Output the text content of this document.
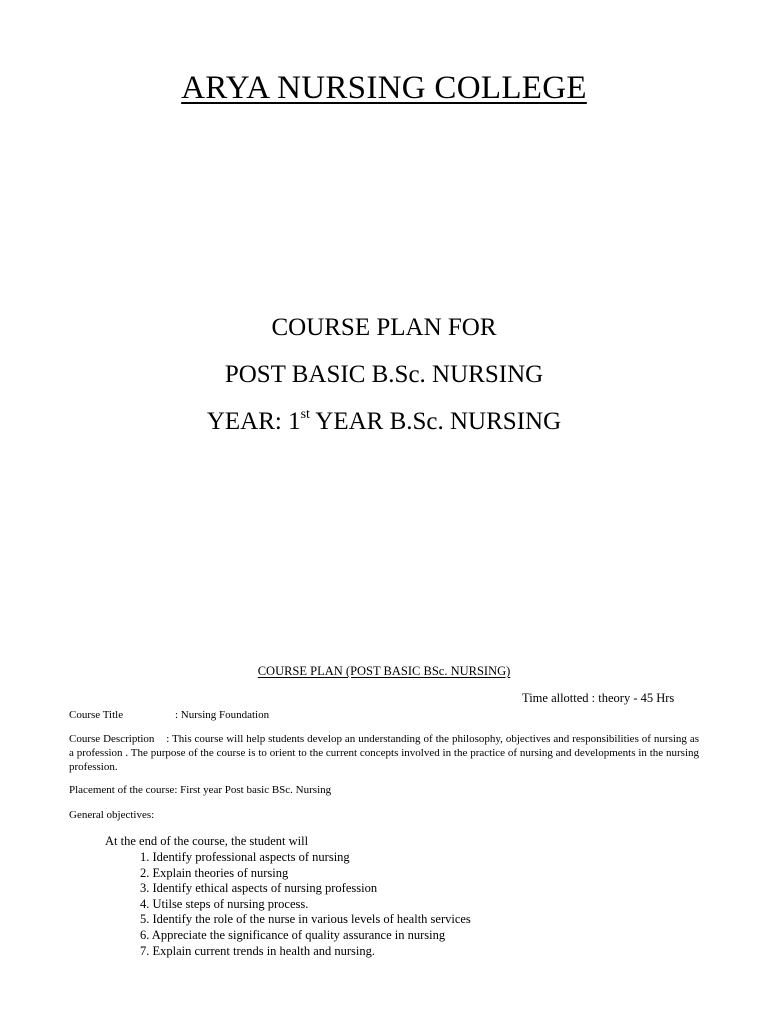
ARYA NURSING COLLEGE
COURSE PLAN FOR
POST BASIC B.Sc. NURSING
YEAR: 1st YEAR B.Sc. NURSING
COURSE PLAN (POST BASIC BSc. NURSING)
Time allotted : theory - 45 Hrs
Course Title	: Nursing Foundation
Course Description : This course will help students develop an understanding of the philosophy, objectives and responsibilities of nursing as a profession . The purpose of the course is to orient to the current concepts involved in the practice of nursing and developments in the nursing profession.
Placement of the course: First year Post basic BSc. Nursing
General objectives:
At the end of the course, the student will
1. Identify professional aspects of nursing
2. Explain theories of nursing
3. Identify ethical aspects of nursing profession
4. Utilse steps of nursing process.
5. Identify the role of the nurse in various levels of health services
6. Appreciate the significance of quality assurance in nursing
7. Explain current trends in health and nursing.
